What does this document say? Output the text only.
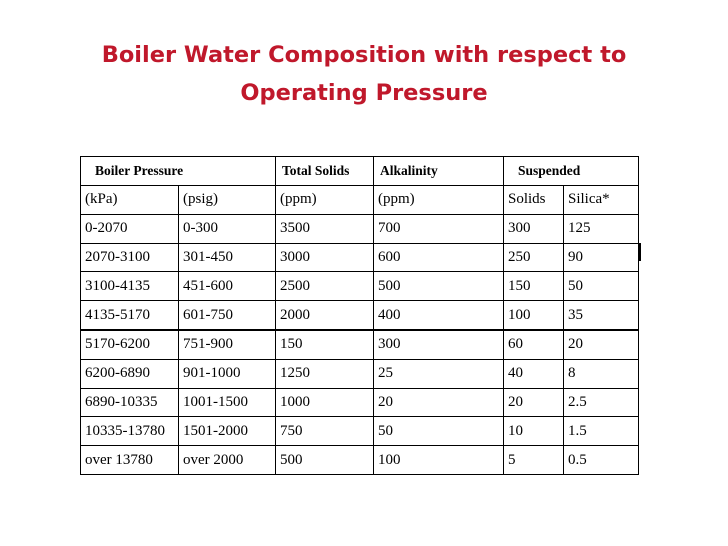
Boiler Water Composition with respect to
Operating Pressure
Boiler Pressure		Total Solids	Alkalinity	Suspended	
(kPa)	(psig)	(ppm)	(ppm)	Solids	Silica*
0-2070	0-300	3500	700	300	125
2070-3100	301-450	3000	600	250	90
3100-4135	451-600	2500	500	150	50
4135-5170	601-750	2000	400	100	35
5170-6200	751-900	150	300	60	20
6200-6890	901-1000	1250	25	40	8
6890-10335	1001-1500	1000	20	20	2.5
10335-13780	1501-2000	750	50	10	1.5
over 13780	over 2000	500	100	5	0.5
